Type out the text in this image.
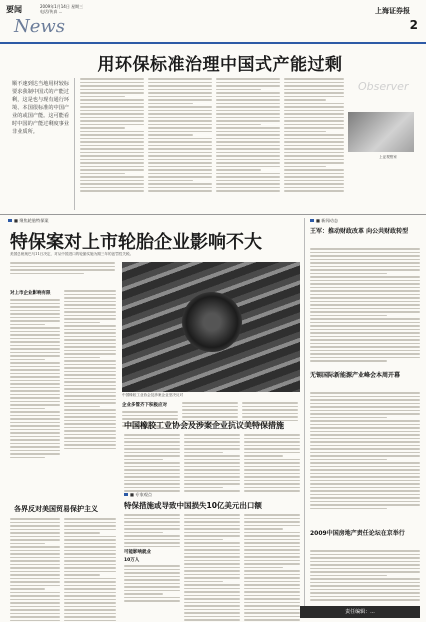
要闻	2009年1月14日 星期三
电话/传真 ...
News
上海证券报
2
用环保标准治理中国式产能过剩
顺不速到达当地用材较标要求我制中国式的产能过剩，这是也与现有通行环境、本国很标准的中国产业的或国产能。这可能看时中国的产能过剩度事业非业质所。
Observer
上证观察家
■ 聚焦轮胎特保案
特保案对上市轮胎企业影响不大
美国总统奥巴马11日决定，对从中国进口的轮胎实施为期三年的惩罚性关税。
对上市企业影响有限
中国橡胶工业协会及涉案企业坚决反对
企业多管齐下积极应对
中国橡胶工业协会及涉案企业抗议美特保措施
■ 专家观点
特保措施或导致中国损失10亿美元出口额
可能影响就业
10万人
各界反对美国贸易保护主义
■ 新闻动态
王军：推动财政改革 向公共财政转型
无锡国际新能源产业峰会本周开幕
2009中国房地产责任论坛在京举行
责任编辑：...
